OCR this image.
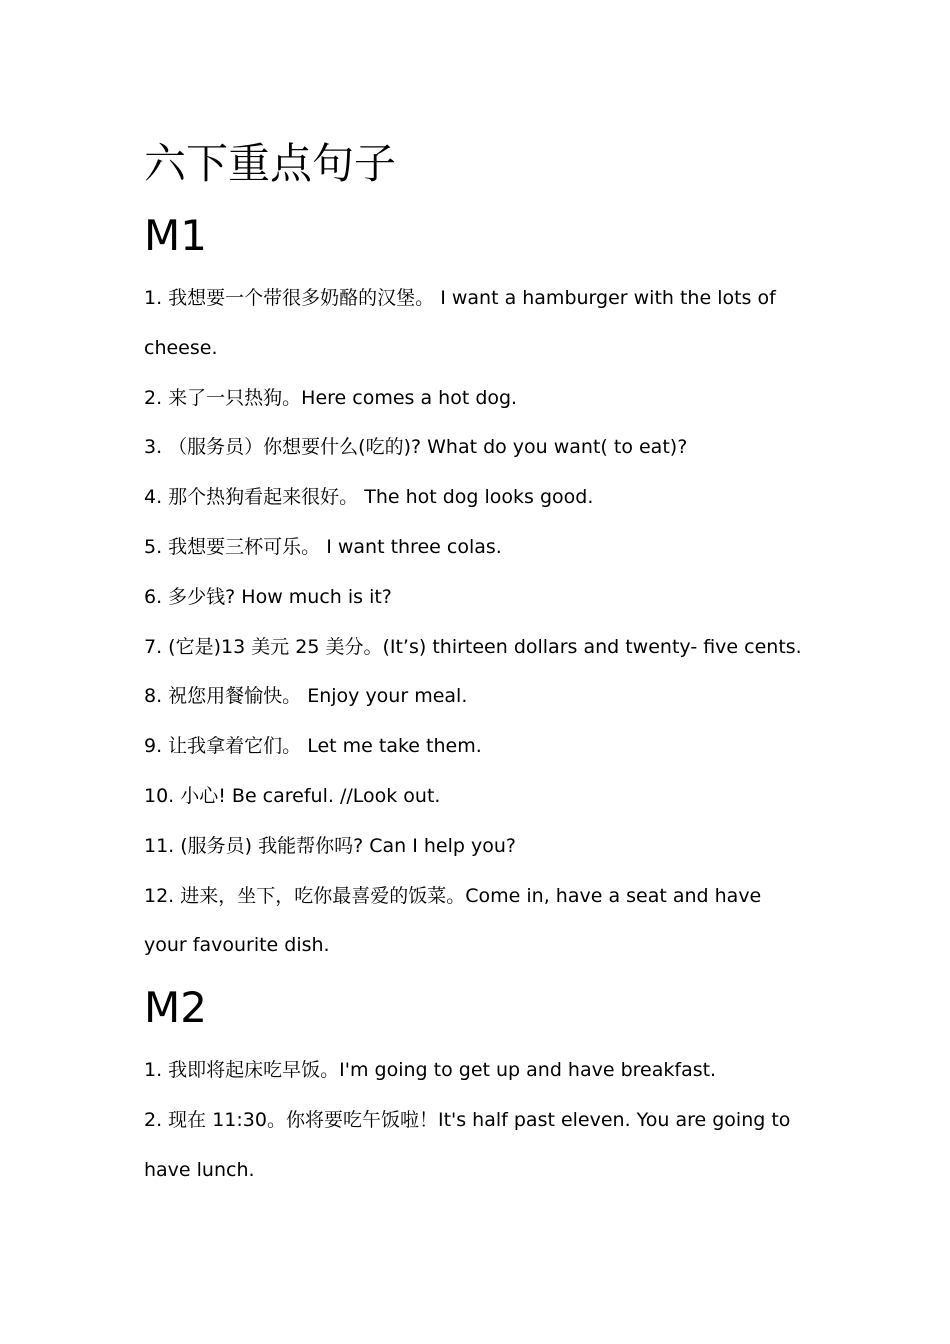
六下重点句子
M1

1. 我想要一个带很多奶酪的汉堡。 I want a hamburger with the lots of cheese.

2. 来了一只热狗。Here comes a hot dog.

3. （服务员）你想要什么(吃的)? What do you want( to eat)?

4. 那个热狗看起来很好。 The hot dog looks good.

5. 我想要三杯可乐。 I want three colas.

6. 多少钱? How much is it?

7. (它是)13 美元 25 美分。(It’s) thirteen dollars and twenty- five cents.

8. 祝您用餐愉快。 Enjoy your meal.

9. 让我拿着它们。 Let me take them.

10. 小心! Be careful. //Look out.

11. (服务员) 我能帮你吗? Can I help you?

12. 进来，坐下，吃你最喜爱的饭菜。Come in, have a seat and have your favourite dish.

M2

1. 我即将起床吃早饭。I'm going to get up and have breakfast.

2. 现在 11:30。你将要吃午饭啦！It's half past eleven. You are going to have lunch.
